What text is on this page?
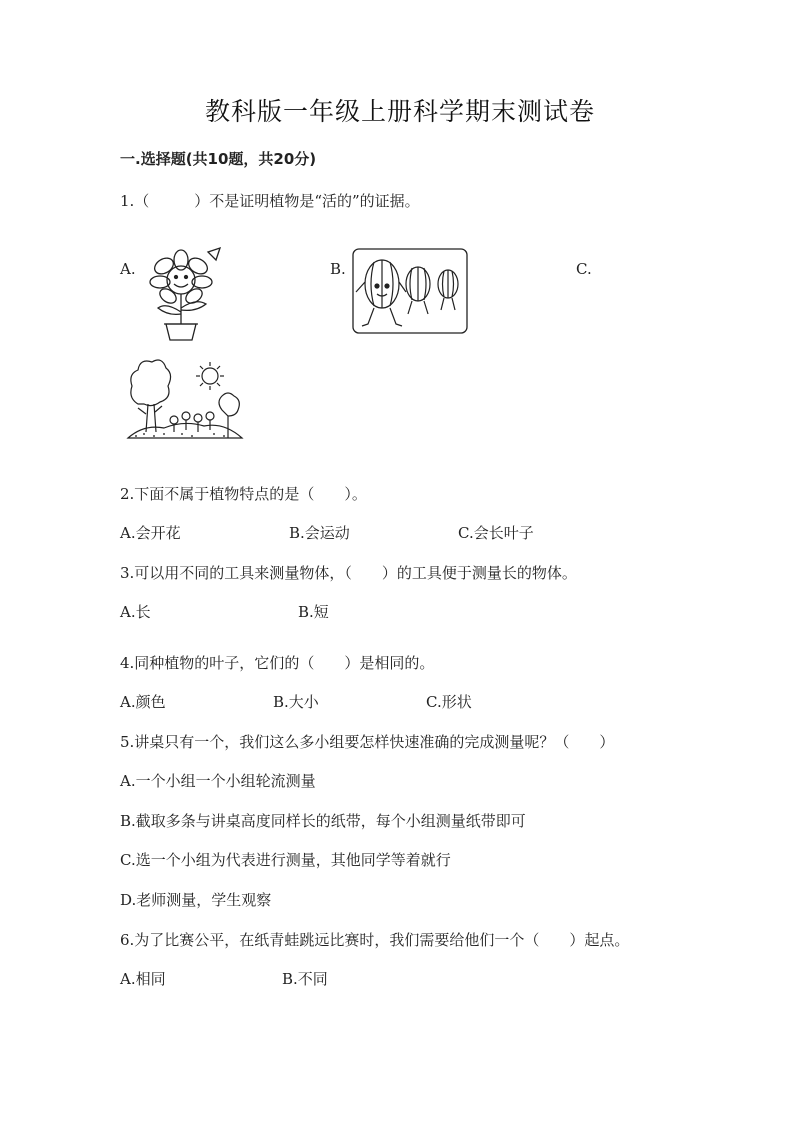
教科版一年级上册科学期末测试卷
一.选择题(共10题，共20分)
1.（　　　）不是证明植物是“活的”的证据。
A.	B.	C.
2.下面不属于植物特点的是（　　）。
A.会开花	B.会运动	C.会长叶子
3.可以用不同的工具来测量物体，（　　）的工具便于测量长的物体。
A.长	B.短
4.同种植物的叶子，它们的（　　）是相同的。
A.颜色	B.大小	C.形状
5.讲桌只有一个，我们这么多小组要怎样快速准确的完成测量呢？（　　）
A.一个小组一个小组轮流测量
B.截取多条与讲桌高度同样长的纸带，每个小组测量纸带即可
C.选一个小组为代表进行测量，其他同学等着就行
D.老师测量，学生观察
6.为了比赛公平，在纸青蛙跳远比赛时，我们需要给他们一个（　　）起点。
A.相同	B.不同
